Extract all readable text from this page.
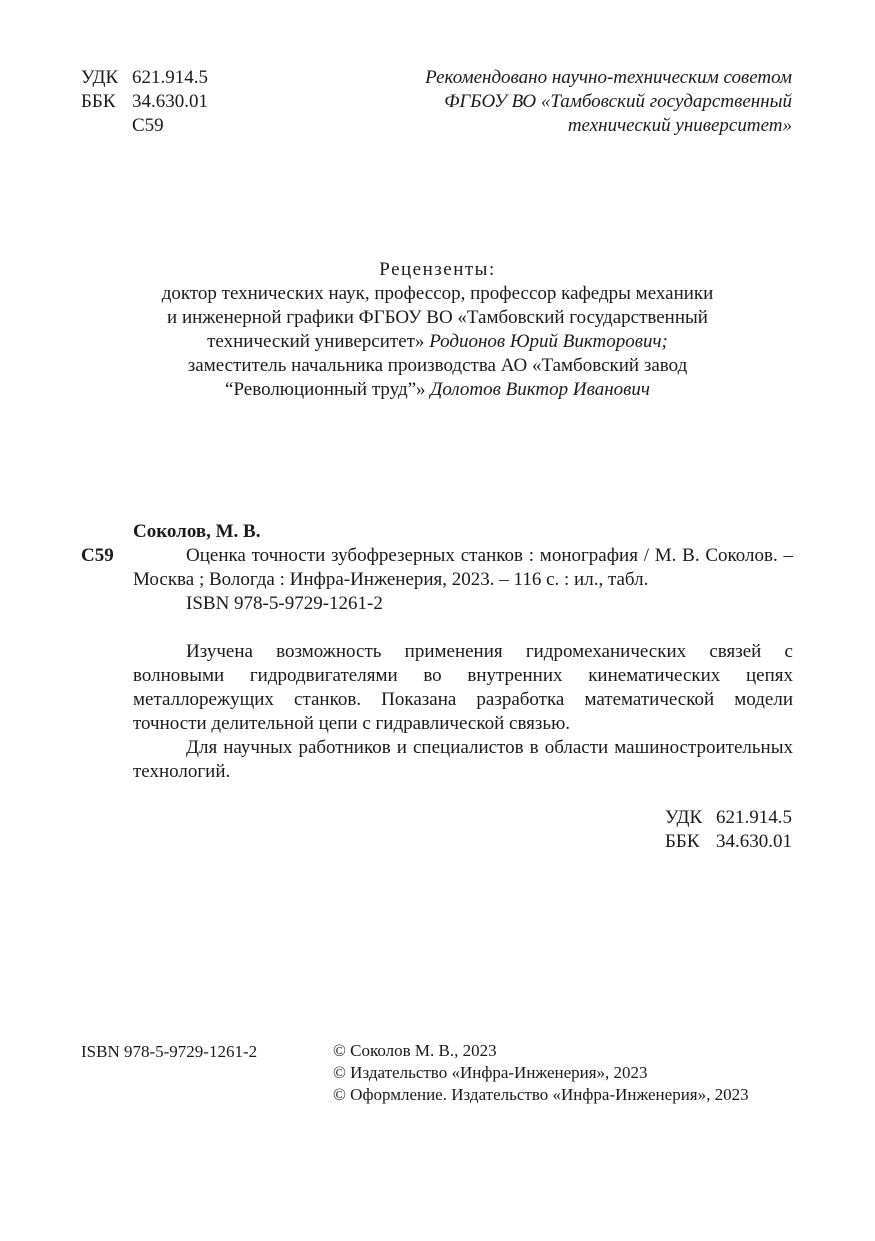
УДК 621.914.5
ББК 34.630.01
С59
Рекомендовано научно-техническим советом
ФГБОУ ВО «Тамбовский государственный
технический университет»
Рецензенты:
доктор технических наук, профессор, профессор кафедры механики
и инженерной графики ФГБОУ ВО «Тамбовский государственный
технический университет» Родионов Юрий Викторович;
заместитель начальника производства АО «Тамбовский завод
“Революционный труд”» Долотов Виктор Иванович
Соколов, М. В.
С59	Оценка точности зубофрезерных станков : монография / М. В. Соколов. – Москва ; Вологда : Инфра-Инженерия, 2023. – 116 с. : ил., табл.
ISBN 978-5-9729-1261-2
Изучена возможность применения гидромеханических связей с волновыми гидродвигателями во внутренних кинематических цепях металлорежущих станков. Показана разработка математической модели точности делительной цепи с гидравлической связью.
Для научных работников и специалистов в области машиностроительных технологий.
УДК 621.914.5
ББК 34.630.01
ISBN 978-5-9729-1261-2	© Соколов М. В., 2023
© Издательство «Инфра-Инженерия», 2023
© Оформление. Издательство «Инфра-Инженерия», 2023
